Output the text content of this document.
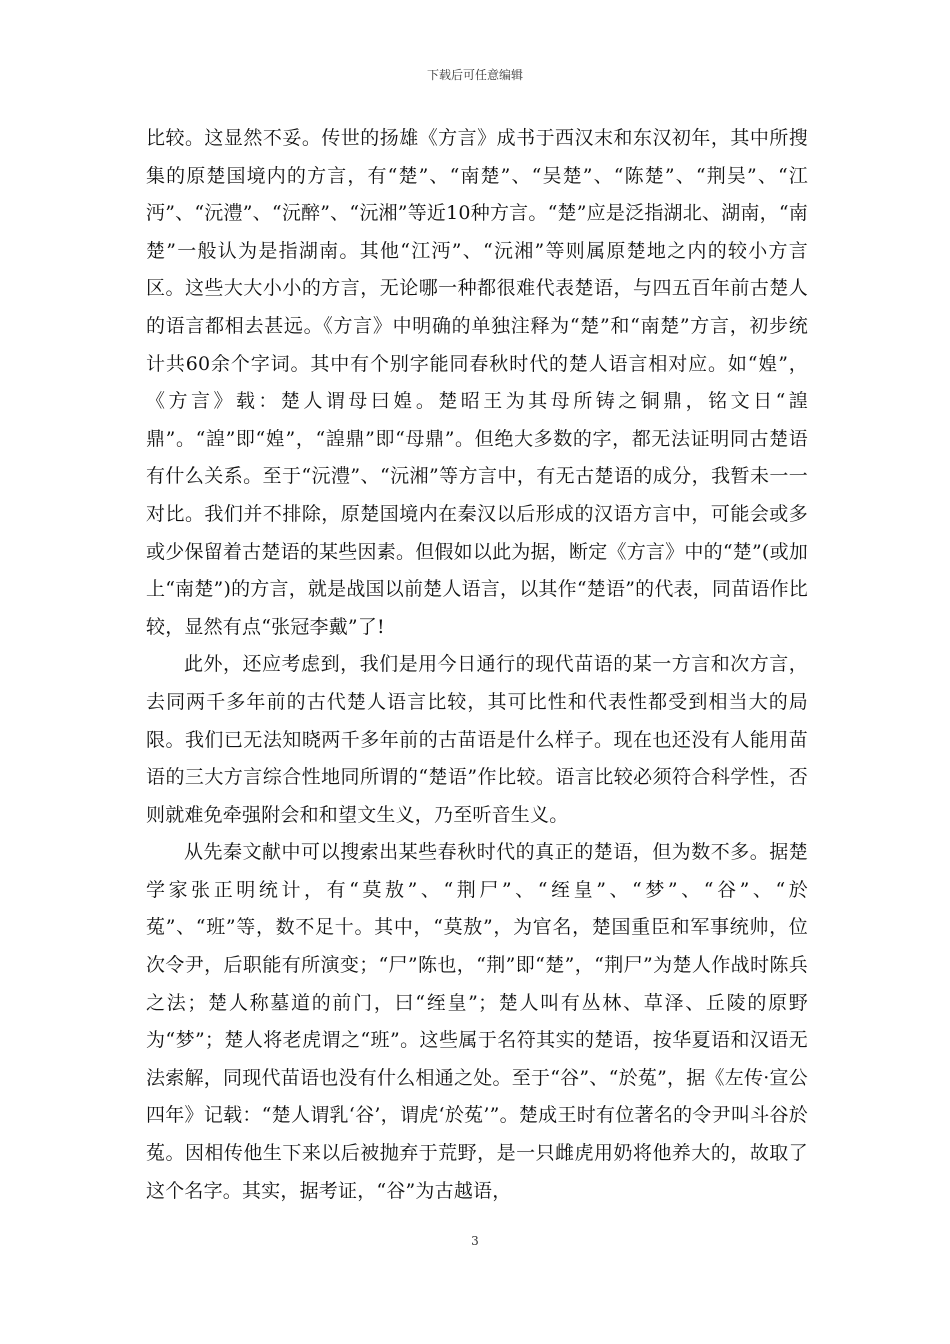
下载后可任意编辑

比较。这显然不妥。传世的扬雄《方言》成书于西汉末和东汉初年，其中所搜集的原楚国境内的方言，有“楚”、“南楚”、“吴楚”、“陈楚”、“荆吴”、“江沔”、“沅澧”、“沅醉”、“沅湘”等近10种方言。“楚”应是泛指湖北、湖南，“南楚”一般认为是指湖南。其他“江沔”、“沅湘”等则属原楚地之内的较小方言区。这些大大小小的方言，无论哪一种都很难代表楚语，与四五百年前古楚人的语言都相去甚远。《方言》中明确的单独注释为“楚”和“南楚”方言，初步统计共60余个字词。其中有个别字能同春秋时代的楚人语言相对应。如“媓”，《方言》载：楚人谓母曰媓。楚昭王为其母所铸之铜鼎，铭文日“諻鼎”。“諻”即“媓”，“諻鼎”即“母鼎”。但绝大多数的字，都无法证明同古楚语有什么关系。至于“沅澧”、“沅湘”等方言中，有无古楚语的成分，我暂未一一对比。我们并不排除，原楚国境内在秦汉以后形成的汉语方言中，可能会或多或少保留着古楚语的某些因素。但假如以此为据，断定《方言》中的“楚”(或加上“南楚”)的方言，就是战国以前楚人语言，以其作“楚语”的代表，同苗语作比较，显然有点“张冠李戴”了!

此外，还应考虑到，我们是用今日通行的现代苗语的某一方言和次方言，去同两千多年前的古代楚人语言比较，其可比性和代表性都受到相当大的局限。我们已无法知晓两千多年前的古苗语是什么样子。现在也还没有人能用苗语的三大方言综合性地同所谓的“楚语”作比较。语言比较必须符合科学性，否则就难免牵强附会和和望文生义，乃至听音生义。

从先秦文献中可以搜索出某些春秋时代的真正的楚语，但为数不多。据楚学家张正明统计，有“莫敖”、“荆尸”、“绖皇”、“梦”、“谷”、“於菟”、“班”等，数不足十。其中，“莫敖”，为官名，楚国重臣和军事统帅，位次令尹，后职能有所演变；“尸”陈也，“荆”即“楚”，“荆尸”为楚人作战时陈兵之法；楚人称墓道的前门，曰“绖皇”；楚人叫有丛林、草泽、丘陵的原野为“梦”；楚人将老虎谓之“班”。这些属于名符其实的楚语，按华夏语和汉语无法索解，同现代苗语也没有什么相通之处。至于“谷”、“於菟”，据《左传·宣公四年》记载：“楚人谓乳‘谷’，谓虎‘於菟’”。楚成王时有位著名的令尹叫斗谷於菟。因相传他生下来以后被抛弃于荒野，是一只雌虎用奶将他养大的，故取了这个名字。其实，据考证，“谷”为古越语，

3
